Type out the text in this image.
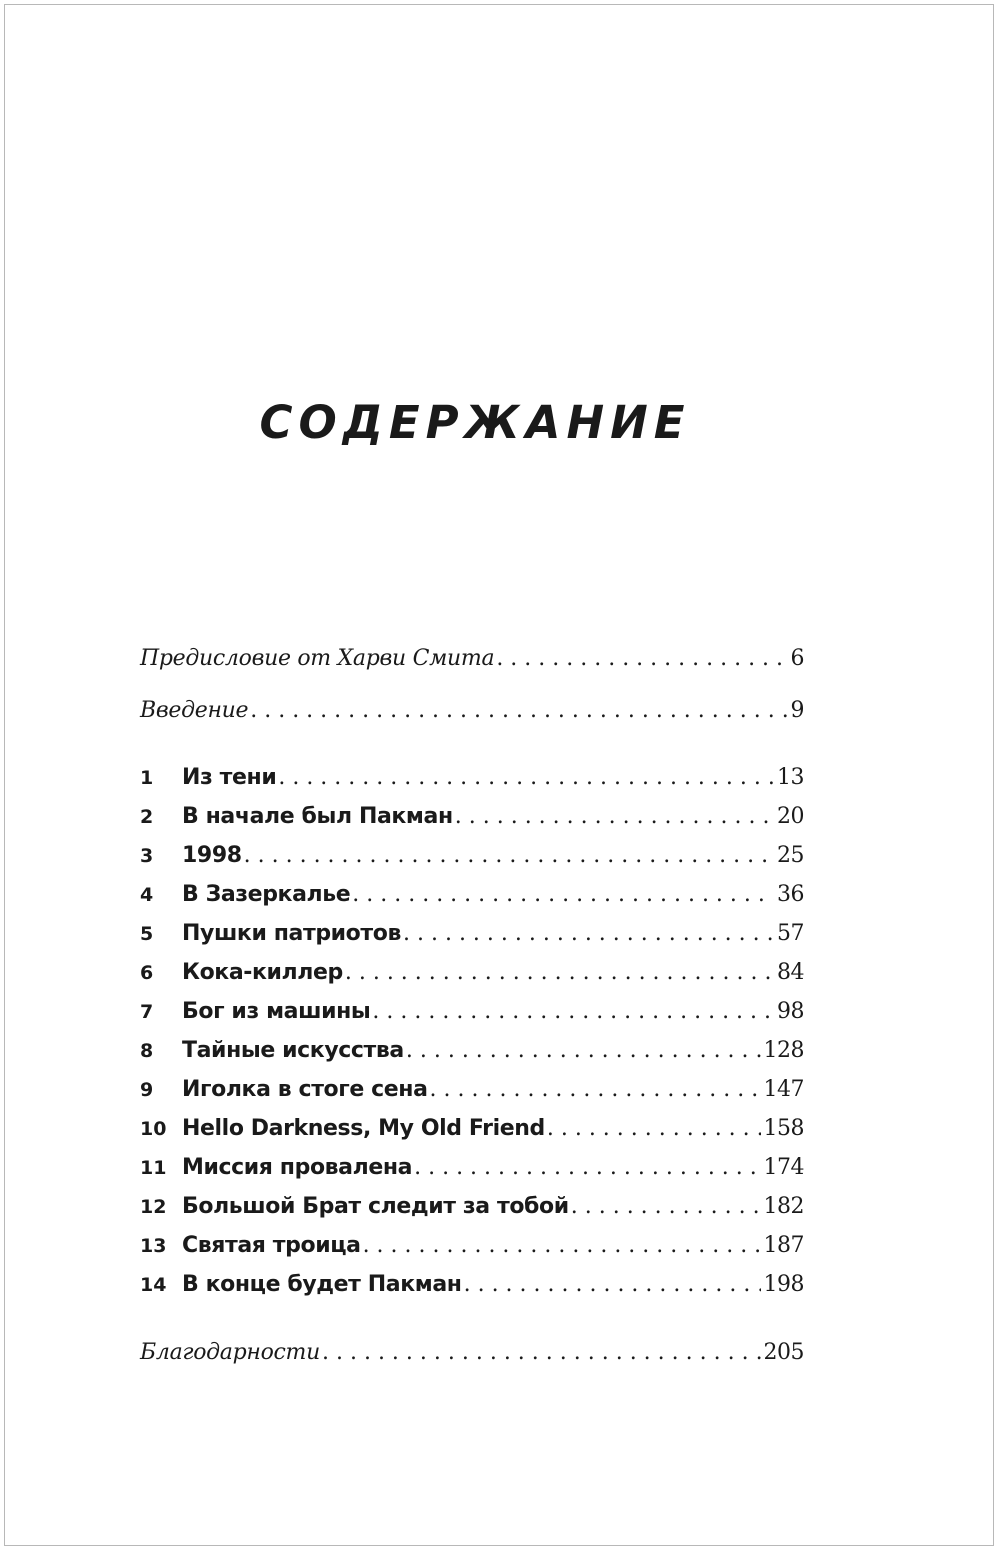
СОДЕРЖАНИЕ
Предисловие от Харви Смита . . .	6
Введение . . .	9
1	Из тени . . .	13
2	В начале был Пакман . . .	20
3	1998 . . .	25
4	В Зазеркалье . . .	36
5	Пушки патриотов . . .	57
6	Кока-киллер . . .	84
7	Бог из машины . . .	98
8	Тайные искусства . . .	128
9	Иголка в стоге сена . . .	147
10 Hello Darkness, My Old Friend . . .	158
11 Миссия провалена . . .	174
12 Большой Брат следит за тобой . . .	182
13 Святая троица . . .	187
14 В конце будет Пакман . . .	198
Благодарности . . .	205
